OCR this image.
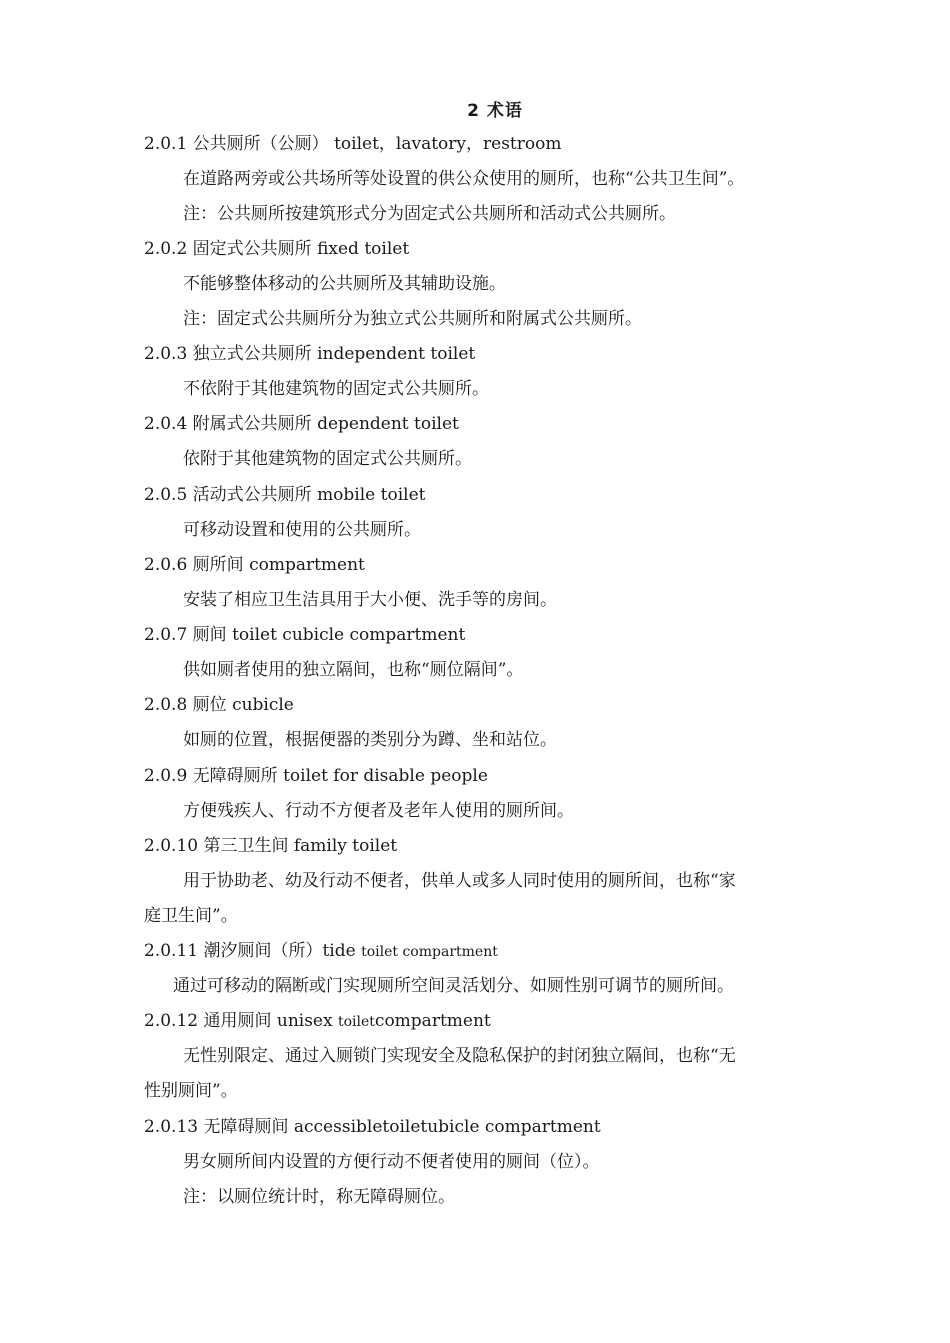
2 术语
2.0.1 公共厕所（公厕） toilet，lavatory，restroom
在道路两旁或公共场所等处设置的供公众使用的厕所，也称“公共卫生间”。
注：公共厕所按建筑形式分为固定式公共厕所和活动式公共厕所。
2.0.2 固定式公共厕所 fixed toilet
不能够整体移动的公共厕所及其辅助设施。
注：固定式公共厕所分为独立式公共厕所和附属式公共厕所。
2.0.3 独立式公共厕所 independent toilet
不依附于其他建筑物的固定式公共厕所。
2.0.4 附属式公共厕所 dependent toilet
依附于其他建筑物的固定式公共厕所。
2.0.5 活动式公共厕所 mobile toilet
可移动设置和使用的公共厕所。
2.0.6 厕所间 compartment
安装了相应卫生洁具用于大小便、洗手等的房间。
2.0.7 厕间 toilet cubicle compartment
供如厕者使用的独立隔间，也称“厕位隔间”。
2.0.8 厕位 cubicle
如厕的位置，根据便器的类别分为蹲、坐和站位。
2.0.9 无障碍厕所 toilet for disable people
方便残疾人、行动不方便者及老年人使用的厕所间。
2.0.10 第三卫生间 family toilet
用于协助老、幼及行动不便者，供单人或多人同时使用的厕所间，也称“家
庭卫生间”。
2.0.11 潮汐厕间（所）tide toilet compartment
通过可移动的隔断或门实现厕所空间灵活划分、如厕性别可调节的厕所间。
2.0.12 通用厕间 unisex toiletcompartment
无性别限定、通过入厕锁门实现安全及隐私保护的封闭独立隔间，也称“无
性别厕间”。
2.0.13 无障碍厕间 accessibletoiletubicle compartment
男女厕所间内设置的方便行动不便者使用的厕间（位）。
注：以厕位统计时，称无障碍厕位。
